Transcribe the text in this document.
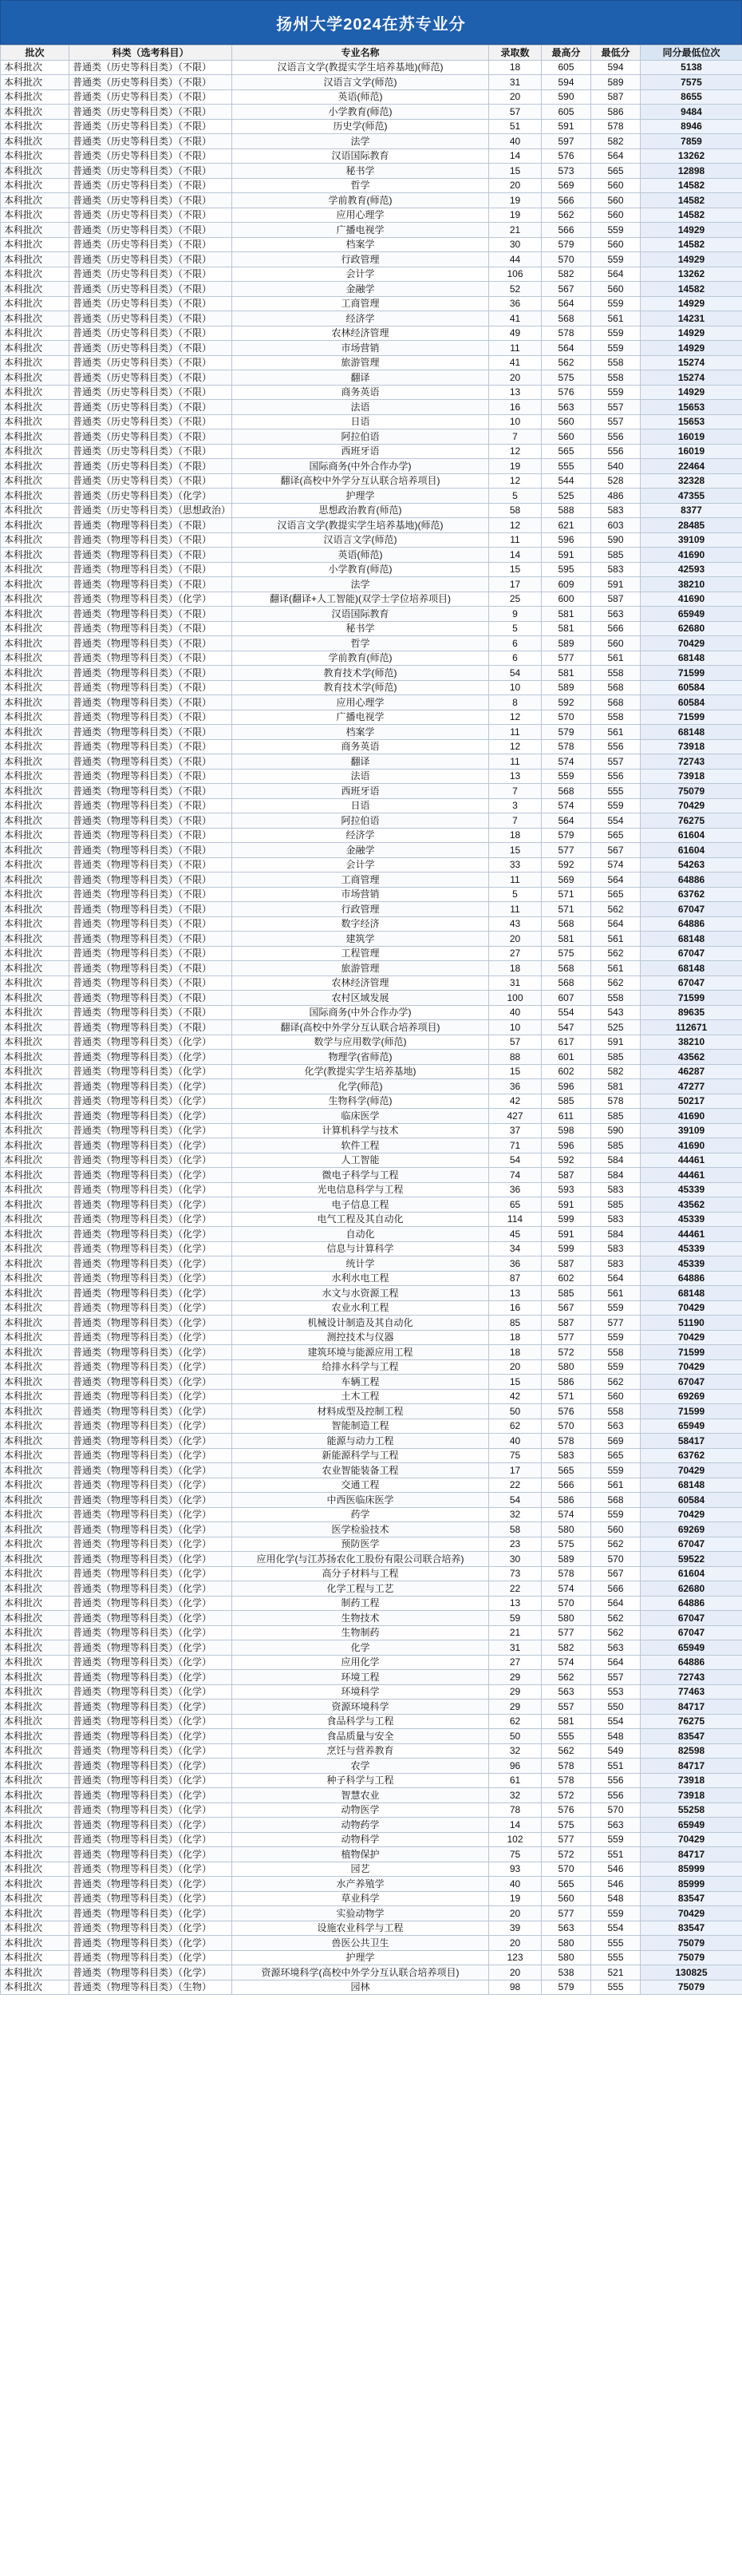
扬州大学2024在苏专业分
批次	科类（选考科目）	专业名称	录取数	最高分	最低分	同分最低位次
本科批次	普通类（历史等科目类）（不限）	汉语言文学(教提实学生培养基地)(师范)	18	605	594	5138
本科批次	普通类（历史等科目类）（不限）	汉语言文学(师范)	31	594	589	7575
本科批次	普通类（历史等科目类）（不限）	英语(师范)	20	590	587	8655
本科批次	普通类（历史等科目类）（不限）	小学教育(师范)	57	605	586	9484
本科批次	普通类（历史等科目类）（不限）	历史学(师范)	51	591	578	8946
本科批次	普通类（历史等科目类）（不限）	法学	40	597	582	7859
本科批次	普通类（历史等科目类）（不限）	汉语国际教育	14	576	564	13262
本科批次	普通类（历史等科目类）（不限）	秘书学	15	573	565	12898
本科批次	普通类（历史等科目类）（不限）	哲学	20	569	560	14582
本科批次	普通类（历史等科目类）（不限）	学前教育(师范)	19	566	560	14582
本科批次	普通类（历史等科目类）（不限）	应用心理学	19	562	560	14582
本科批次	普通类（历史等科目类）（不限）	广播电视学	21	566	559	14929
本科批次	普通类（历史等科目类）（不限）	档案学	30	579	560	14582
本科批次	普通类（历史等科目类）（不限）	行政管理	44	570	559	14929
本科批次	普通类（历史等科目类）（不限）	会计学	106	582	564	13262
本科批次	普通类（历史等科目类）（不限）	金融学	52	567	560	14582
本科批次	普通类（历史等科目类）（不限）	工商管理	36	564	559	14929
本科批次	普通类（历史等科目类）（不限）	经济学	41	568	561	14231
本科批次	普通类（历史等科目类）（不限）	农林经济管理	49	578	559	14929
本科批次	普通类（历史等科目类）（不限）	市场营销	11	564	559	14929
本科批次	普通类（历史等科目类）（不限）	旅游管理	41	562	558	15274
本科批次	普通类（历史等科目类）（不限）	翻译	20	575	558	15274
本科批次	普通类（历史等科目类）（不限）	商务英语	13	576	559	14929
本科批次	普通类（历史等科目类）（不限）	法语	16	563	557	15653
本科批次	普通类（历史等科目类）（不限）	日语	10	560	557	15653
本科批次	普通类（历史等科目类）（不限）	阿拉伯语	7	560	556	16019
本科批次	普通类（历史等科目类）（不限）	西班牙语	12	565	556	16019
本科批次	普通类（历史等科目类）（不限）	国际商务(中外合作办学)	19	555	540	22464
本科批次	普通类（历史等科目类）（不限）	翻译(高校中外学分互认联合培养项目)	12	544	528	32328
本科批次	普通类（历史等科目类）（化学）	护理学	5	525	486	47355
本科批次	普通类（历史等科目类）（思想政治）	思想政治教育(师范)	58	588	583	8377
本科批次	普通类（物理等科目类）（不限）	汉语言文学(教提实学生培养基地)(师范)	12	621	603	28485
本科批次	普通类（物理等科目类）（不限）	汉语言文学(师范)	11	596	590	39109
本科批次	普通类（物理等科目类）（不限）	英语(师范)	14	591	585	41690
本科批次	普通类（物理等科目类）（不限）	小学教育(师范)	15	595	583	42593
本科批次	普通类（物理等科目类）（不限）	法学	17	609	591	38210
本科批次	普通类（物理等科目类）（化学）	翻译(翻译+人工智能)(双学士学位培养项目)	25	600	587	41690
本科批次	普通类（物理等科目类）（不限）	汉语国际教育	9	581	563	65949
本科批次	普通类（物理等科目类）（不限）	秘书学	5	581	566	62680
本科批次	普通类（物理等科目类）（不限）	哲学	6	589	560	70429
本科批次	普通类（物理等科目类）（不限）	学前教育(师范)	6	577	561	68148
本科批次	普通类（物理等科目类）（不限）	教育技术学(师范)	54	581	558	71599
本科批次	普通类（物理等科目类）（不限）	教育技术学(师范)	10	589	568	60584
本科批次	普通类（物理等科目类）（不限）	应用心理学	8	592	568	60584
本科批次	普通类（物理等科目类）（不限）	广播电视学	12	570	558	71599
本科批次	普通类（物理等科目类）（不限）	档案学	11	579	561	68148
本科批次	普通类（物理等科目类）（不限）	商务英语	12	578	556	73918
本科批次	普通类（物理等科目类）（不限）	翻译	11	574	557	72743
本科批次	普通类（物理等科目类）（不限）	法语	13	559	556	73918
本科批次	普通类（物理等科目类）（不限）	西班牙语	7	568	555	75079
本科批次	普通类（物理等科目类）（不限）	日语	3	574	559	70429
本科批次	普通类（物理等科目类）（不限）	阿拉伯语	7	564	554	76275
本科批次	普通类（物理等科目类）（不限）	经济学	18	579	565	61604
本科批次	普通类（物理等科目类）（不限）	金融学	15	577	567	61604
本科批次	普通类（物理等科目类）（不限）	会计学	33	592	574	54263
本科批次	普通类（物理等科目类）（不限）	工商管理	11	569	564	64886
本科批次	普通类（物理等科目类）（不限）	市场营销	5	571	565	63762
本科批次	普通类（物理等科目类）（不限）	行政管理	11	571	562	67047
本科批次	普通类（物理等科目类）（不限）	数字经济	43	568	564	64886
本科批次	普通类（物理等科目类）（不限）	建筑学	20	581	561	68148
本科批次	普通类（物理等科目类）（不限）	工程管理	27	575	562	67047
本科批次	普通类（物理等科目类）（不限）	旅游管理	18	568	561	68148
本科批次	普通类（物理等科目类）（不限）	农林经济管理	31	568	562	67047
本科批次	普通类（物理等科目类）（不限）	农村区域发展	100	607	558	71599
本科批次	普通类（物理等科目类）（不限）	国际商务(中外合作办学)	40	554	543	89635
本科批次	普通类（物理等科目类）（不限）	翻译(高校中外学分互认联合培养项目)	10	547	525	112671
本科批次	普通类（物理等科目类）（化学）	数学与应用数学(师范)	57	617	591	38210
本科批次	普通类（物理等科目类）（化学）	物理学(省师范)	88	601	585	43562
本科批次	普通类（物理等科目类）（化学）	化学(教提实学生培养基地)	15	602	582	46287
本科批次	普通类（物理等科目类）（化学）	化学(师范)	36	596	581	47277
本科批次	普通类（物理等科目类）（化学）	生物科学(师范)	42	585	578	50217
本科批次	普通类（物理等科目类）（化学）	临床医学	427	611	585	41690
本科批次	普通类（物理等科目类）（化学）	计算机科学与技术	37	598	590	39109
本科批次	普通类（物理等科目类）（化学）	软件工程	71	596	585	41690
本科批次	普通类（物理等科目类）（化学）	人工智能	54	592	584	44461
本科批次	普通类（物理等科目类）（化学）	微电子科学与工程	74	587	584	44461
本科批次	普通类（物理等科目类）（化学）	光电信息科学与工程	36	593	583	45339
本科批次	普通类（物理等科目类）（化学）	电子信息工程	65	591	585	43562
本科批次	普通类（物理等科目类）（化学）	电气工程及其自动化	114	599	583	45339
本科批次	普通类（物理等科目类）（化学）	自动化	45	591	584	44461
本科批次	普通类（物理等科目类）（化学）	信息与计算科学	34	599	583	45339
本科批次	普通类（物理等科目类）（化学）	统计学	36	587	583	45339
本科批次	普通类（物理等科目类）（化学）	水利水电工程	87	602	564	64886
本科批次	普通类（物理等科目类）（化学）	水文与水资源工程	13	585	561	68148
本科批次	普通类（物理等科目类）（化学）	农业水利工程	16	567	559	70429
本科批次	普通类（物理等科目类）（化学）	机械设计制造及其自动化	85	587	577	51190
本科批次	普通类（物理等科目类）（化学）	测控技术与仪器	18	577	559	70429
本科批次	普通类（物理等科目类）（化学）	建筑环境与能源应用工程	18	572	558	71599
本科批次	普通类（物理等科目类）（化学）	给排水科学与工程	20	580	559	70429
本科批次	普通类（物理等科目类）（化学）	车辆工程	15	586	562	67047
本科批次	普通类（物理等科目类）（化学）	土木工程	42	571	560	69269
本科批次	普通类（物理等科目类）（化学）	材料成型及控制工程	50	576	558	71599
本科批次	普通类（物理等科目类）（化学）	智能制造工程	62	570	563	65949
本科批次	普通类（物理等科目类）（化学）	能源与动力工程	40	578	569	58417
本科批次	普通类（物理等科目类）（化学）	新能源科学与工程	75	583	565	63762
本科批次	普通类（物理等科目类）（化学）	农业智能装备工程	17	565	559	70429
本科批次	普通类（物理等科目类）（化学）	交通工程	22	566	561	68148
本科批次	普通类（物理等科目类）（化学）	中西医临床医学	54	586	568	60584
本科批次	普通类（物理等科目类）（化学）	药学	32	574	559	70429
本科批次	普通类（物理等科目类）（化学）	医学检验技术	58	580	560	69269
本科批次	普通类（物理等科目类）（化学）	预防医学	23	575	562	67047
本科批次	普通类（物理等科目类）（化学）	应用化学(与江苏扬农化工股份有限公司联合培养)	30	589	570	59522
本科批次	普通类（物理等科目类）（化学）	高分子材料与工程	73	578	567	61604
本科批次	普通类（物理等科目类）（化学）	化学工程与工艺	22	574	566	62680
本科批次	普通类（物理等科目类）（化学）	制药工程	13	570	564	64886
本科批次	普通类（物理等科目类）（化学）	生物技术	59	580	562	67047
本科批次	普通类（物理等科目类）（化学）	生物制药	21	577	562	67047
本科批次	普通类（物理等科目类）（化学）	化学	31	582	563	65949
本科批次	普通类（物理等科目类）（化学）	应用化学	27	574	564	64886
本科批次	普通类（物理等科目类）（化学）	环境工程	29	562	557	72743
本科批次	普通类（物理等科目类）（化学）	环境科学	29	563	553	77463
本科批次	普通类（物理等科目类）（化学）	资源环境科学	29	557	550	84717
本科批次	普通类（物理等科目类）（化学）	食品科学与工程	62	581	554	76275
本科批次	普通类（物理等科目类）（化学）	食品质量与安全	50	555	548	83547
本科批次	普通类（物理等科目类）（化学）	烹饪与营养教育	32	562	549	82598
本科批次	普通类（物理等科目类）（化学）	农学	96	578	551	84717
本科批次	普通类（物理等科目类）（化学）	种子科学与工程	61	578	556	73918
本科批次	普通类（物理等科目类）（化学）	智慧农业	32	572	556	73918
本科批次	普通类（物理等科目类）（化学）	动物医学	78	576	570	55258
本科批次	普通类（物理等科目类）（化学）	动物药学	14	575	563	65949
本科批次	普通类（物理等科目类）（化学）	动物科学	102	577	559	70429
本科批次	普通类（物理等科目类）（化学）	植物保护	75	572	551	84717
本科批次	普通类（物理等科目类）（化学）	园艺	93	570	546	85999
本科批次	普通类（物理等科目类）（化学）	水产养殖学	40	565	546	85999
本科批次	普通类（物理等科目类）（化学）	草业科学	19	560	548	83547
本科批次	普通类（物理等科目类）（化学）	实验动物学	20	577	559	70429
本科批次	普通类（物理等科目类）（化学）	设施农业科学与工程	39	563	554	83547
本科批次	普通类（物理等科目类）（化学）	兽医公共卫生	20	580	555	75079
本科批次	普通类（物理等科目类）（化学）	护理学	123	580	555	75079
本科批次	普通类（物理等科目类）（化学）	资源环境科学(高校中外学分互认联合培养项目)	20	538	521	130825
本科批次	普通类（物理等科目类）（生物）	园林	98	579	555	75079
